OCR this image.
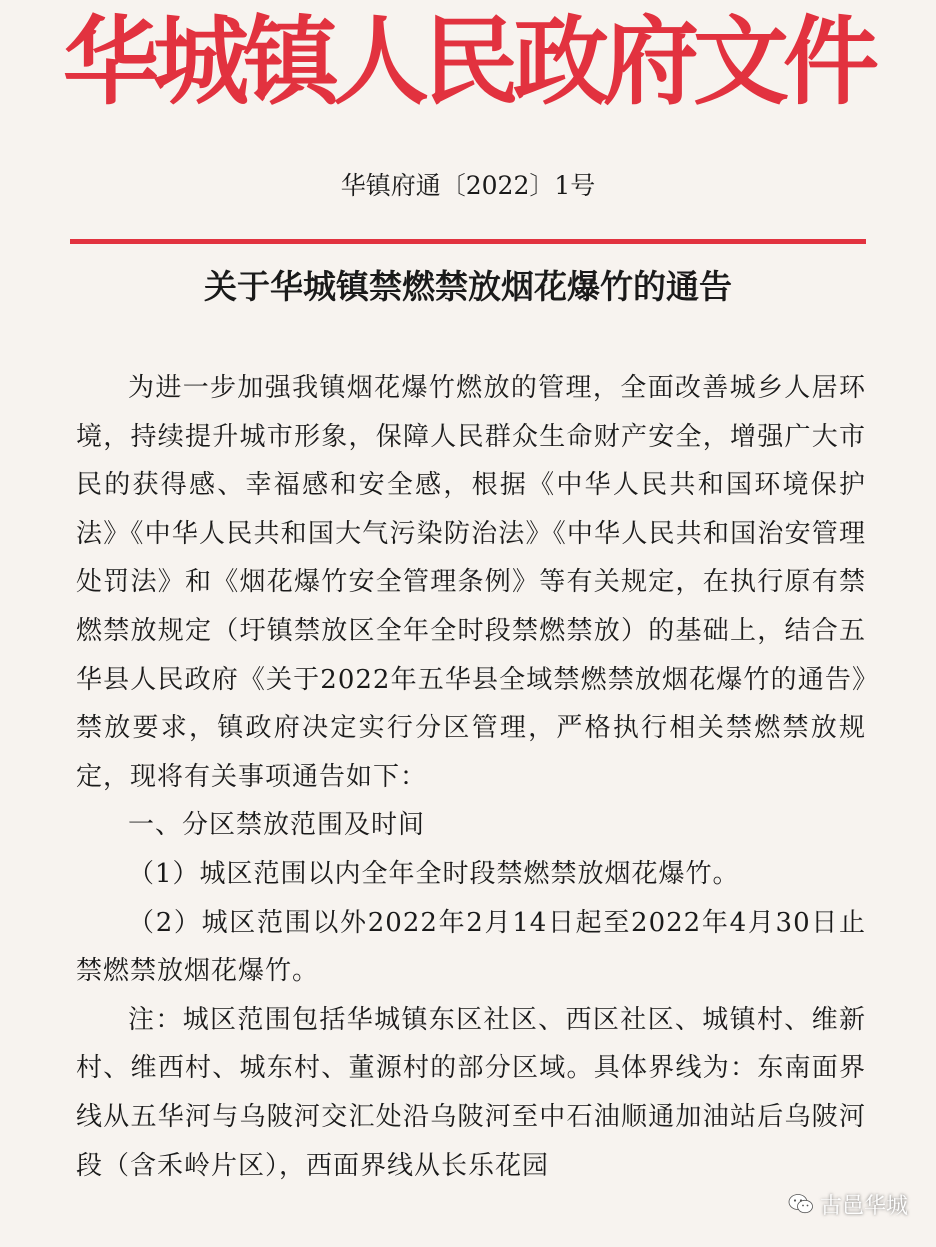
华城镇人民政府文件
华镇府通〔2022〕1号
关于华城镇禁燃禁放烟花爆竹的通告

为进一步加强我镇烟花爆竹燃放的管理，全面改善城乡人居环境，持续提升城市形象，保障人民群众生命财产安全，增强广大市民的获得感、幸福感和安全感，根据《中华人民共和国环境保护法》《中华人民共和国大气污染防治法》《中华人民共和国治安管理处罚法》和《烟花爆竹安全管理条例》等有关规定，在执行原有禁燃禁放规定（圩镇禁放区全年全时段禁燃禁放）的基础上，结合五华县人民政府《关于2022年五华县全域禁燃禁放烟花爆竹的通告》禁放要求，镇政府决定实行分区管理，严格执行相关禁燃禁放规定，现将有关事项通告如下：

一、分区禁放范围及时间

（1）城区范围以内全年全时段禁燃禁放烟花爆竹。

（2）城区范围以外2022年2月14日起至2022年4月30日止禁燃禁放烟花爆竹。

注：城区范围包括华城镇东区社区、西区社区、城镇村、维新村、维西村、城东村、董源村的部分区域。具体界线为：东南面界线从五华河与乌陂河交汇处沿乌陂河至中石油顺通加油站后乌陂河段（含禾岭片区），西面界线从长乐花园

古邑华城
